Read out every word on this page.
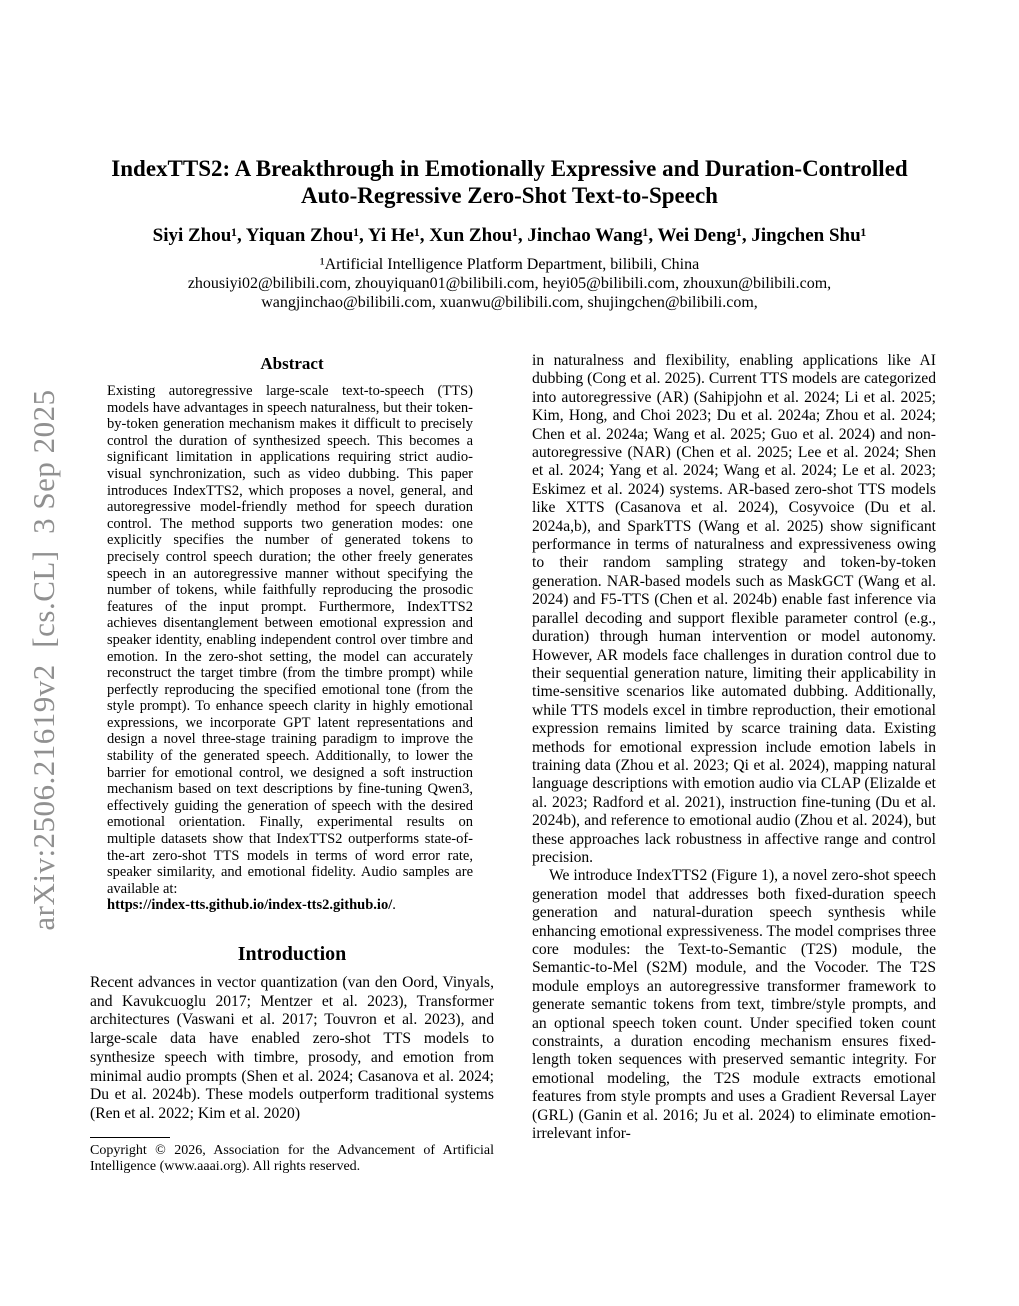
arXiv:2506.21619v2  [cs.CL]  3 Sep 2025
IndexTTS2: A Breakthrough in Emotionally Expressive and Duration-Controlled
Auto-Regressive Zero-Shot Text-to-Speech
Siyi Zhou¹, Yiquan Zhou¹, Yi He¹, Xun Zhou¹, Jinchao Wang¹, Wei Deng¹, Jingchen Shu¹
¹Artificial Intelligence Platform Department, bilibili, China
zhousiyi02@bilibili.com, zhouyiquan01@bilibili.com, heyi05@bilibili.com, zhouxun@bilibili.com,
wangjinchao@bilibili.com, xuanwu@bilibili.com, shujingchen@bilibili.com,
Abstract

Existing autoregressive large-scale text-to-speech (TTS) models have advantages in speech naturalness, but their token-by-token generation mechanism makes it difficult to precisely control the duration of synthesized speech. This becomes a significant limitation in applications requiring strict audio-visual synchronization, such as video dubbing. This paper introduces IndexTTS2, which proposes a novel, general, and autoregressive model-friendly method for speech duration control. The method supports two generation modes: one explicitly specifies the number of generated tokens to precisely control speech duration; the other freely generates speech in an autoregressive manner without specifying the number of tokens, while faithfully reproducing the prosodic features of the input prompt. Furthermore, IndexTTS2 achieves disentanglement between emotional expression and speaker identity, enabling independent control over timbre and emotion. In the zero-shot setting, the model can accurately reconstruct the target timbre (from the timbre prompt) while perfectly reproducing the specified emotional tone (from the style prompt). To enhance speech clarity in highly emotional expressions, we incorporate GPT latent representations and design a novel three-stage training paradigm to improve the stability of the generated speech. Additionally, to lower the barrier for emotional control, we designed a soft instruction mechanism based on text descriptions by fine-tuning Qwen3, effectively guiding the generation of speech with the desired emotional orientation. Finally, experimental results on multiple datasets show that IndexTTS2 outperforms state-of-the-art zero-shot TTS models in terms of word error rate, speaker similarity, and emotional fidelity. Audio samples are available at:

https://index-tts.github.io/index-tts2.github.io/.

Introduction

Recent advances in vector quantization (van den Oord, Vinyals, and Kavukcuoglu 2017; Mentzer et al. 2023), Transformer architectures (Vaswani et al. 2017; Touvron et al. 2023), and large-scale data have enabled zero-shot TTS models to synthesize speech with timbre, prosody, and emotion from minimal audio prompts (Shen et al. 2024; Casanova et al. 2024; Du et al. 2024b). These models outperform traditional systems (Ren et al. 2022; Kim et al. 2020)

Copyright © 2026, Association for the Advancement of Artificial Intelligence (www.aaai.org). All rights reserved.

in naturalness and flexibility, enabling applications like AI dubbing (Cong et al. 2025). Current TTS models are categorized into autoregressive (AR) (Sahipjohn et al. 2024; Li et al. 2025; Kim, Hong, and Choi 2023; Du et al. 2024a; Zhou et al. 2024; Chen et al. 2024a; Wang et al. 2025; Guo et al. 2024) and non-autoregressive (NAR) (Chen et al. 2025; Lee et al. 2024; Shen et al. 2024; Yang et al. 2024; Wang et al. 2024; Le et al. 2023; Eskimez et al. 2024) systems. AR-based zero-shot TTS models like XTTS (Casanova et al. 2024), Cosyvoice (Du et al. 2024a,b), and SparkTTS (Wang et al. 2025) show significant performance in terms of naturalness and expressiveness owing to their random sampling strategy and token-by-token generation. NAR-based models such as MaskGCT (Wang et al. 2024) and F5-TTS (Chen et al. 2024b) enable fast inference via parallel decoding and support flexible parameter control (e.g., duration) through human intervention or model autonomy. However, AR models face challenges in duration control due to their sequential generation nature, limiting their applicability in time-sensitive scenarios like automated dubbing. Additionally, while TTS models excel in timbre reproduction, their emotional expression remains limited by scarce training data. Existing methods for emotional expression include emotion labels in training data (Zhou et al. 2023; Qi et al. 2024), mapping natural language descriptions with emotion audio via CLAP (Elizalde et al. 2023; Radford et al. 2021), instruction fine-tuning (Du et al. 2024b), and reference to emotional audio (Zhou et al. 2024), but these approaches lack robustness in affective range and control precision.

We introduce IndexTTS2 (Figure 1), a novel zero-shot speech generation model that addresses both fixed-duration speech generation and natural-duration speech synthesis while enhancing emotional expressiveness. The model comprises three core modules: the Text-to-Semantic (T2S) module, the Semantic-to-Mel (S2M) module, and the Vocoder. The T2S module employs an autoregressive transformer framework to generate semantic tokens from text, timbre/style prompts, and an optional speech token count. Under specified token count constraints, a duration encoding mechanism ensures fixed-length token sequences with preserved semantic integrity. For emotional modeling, the T2S module extracts emotional features from style prompts and uses a Gradient Reversal Layer (GRL) (Ganin et al. 2016; Ju et al. 2024) to eliminate emotion-irrelevant infor-
